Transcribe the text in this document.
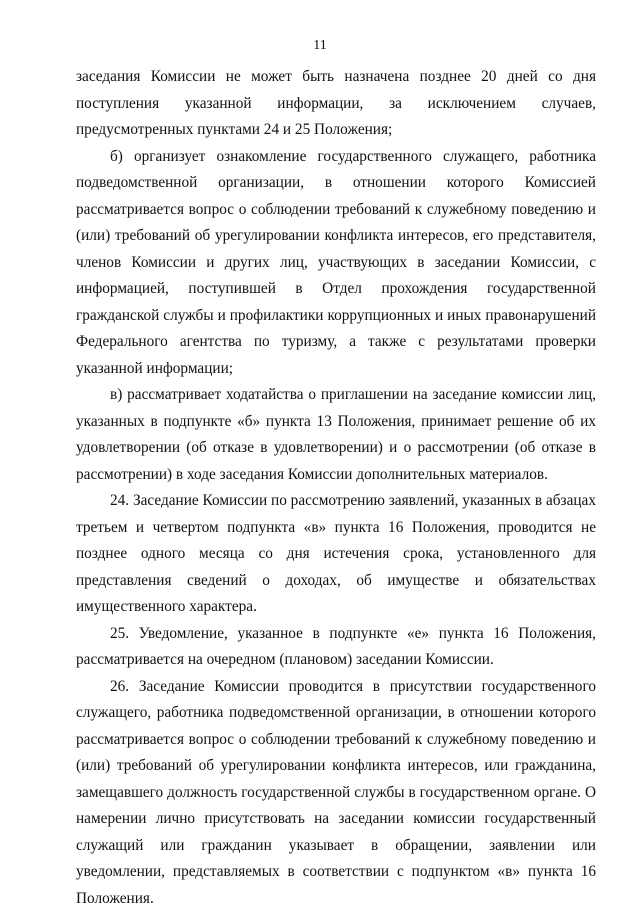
11

заседания Комиссии не может быть назначена позднее 20 дней со дня поступления указанной информации, за исключением случаев, предусмотренных пунктами 24 и 25 Положения;

б) организует ознакомление государственного служащего, работника подведомственной организации, в отношении которого Комиссией рассматривается вопрос о соблюдении требований к служебному поведению и (или) требований об урегулировании конфликта интересов, его представителя, членов Комиссии и других лиц, участвующих в заседании Комиссии, с информацией, поступившей в Отдел прохождения государственной гражданской службы и профилактики коррупционных и иных правонарушений Федерального агентства по туризму, а также с результатами проверки указанной информации;

в) рассматривает ходатайства о приглашении на заседание комиссии лиц, указанных в подпункте «б» пункта 13 Положения, принимает решение об их удовлетворении (об отказе в удовлетворении) и о рассмотрении (об отказе в рассмотрении) в ходе заседания Комиссии дополнительных материалов.

24. Заседание Комиссии по рассмотрению заявлений, указанных в абзацах третьем и четвертом подпункта «в» пункта 16 Положения, проводится не позднее одного месяца со дня истечения срока, установленного для представления сведений о доходах, об имуществе и обязательствах имущественного характера.

25. Уведомление, указанное в подпункте «е» пункта 16 Положения, рассматривается на очередном (плановом) заседании Комиссии.

26. Заседание Комиссии проводится в присутствии государственного служащего, работника подведомственной организации, в отношении которого рассматривается вопрос о соблюдении требований к служебному поведению и (или) требований об урегулировании конфликта интересов, или гражданина, замещавшего должность государственной службы в государственном органе. О намерении лично присутствовать на заседании комиссии государственный служащий или гражданин указывает в обращении, заявлении или уведомлении, представляемых в соответствии с подпунктом «в» пункта 16 Положения.
